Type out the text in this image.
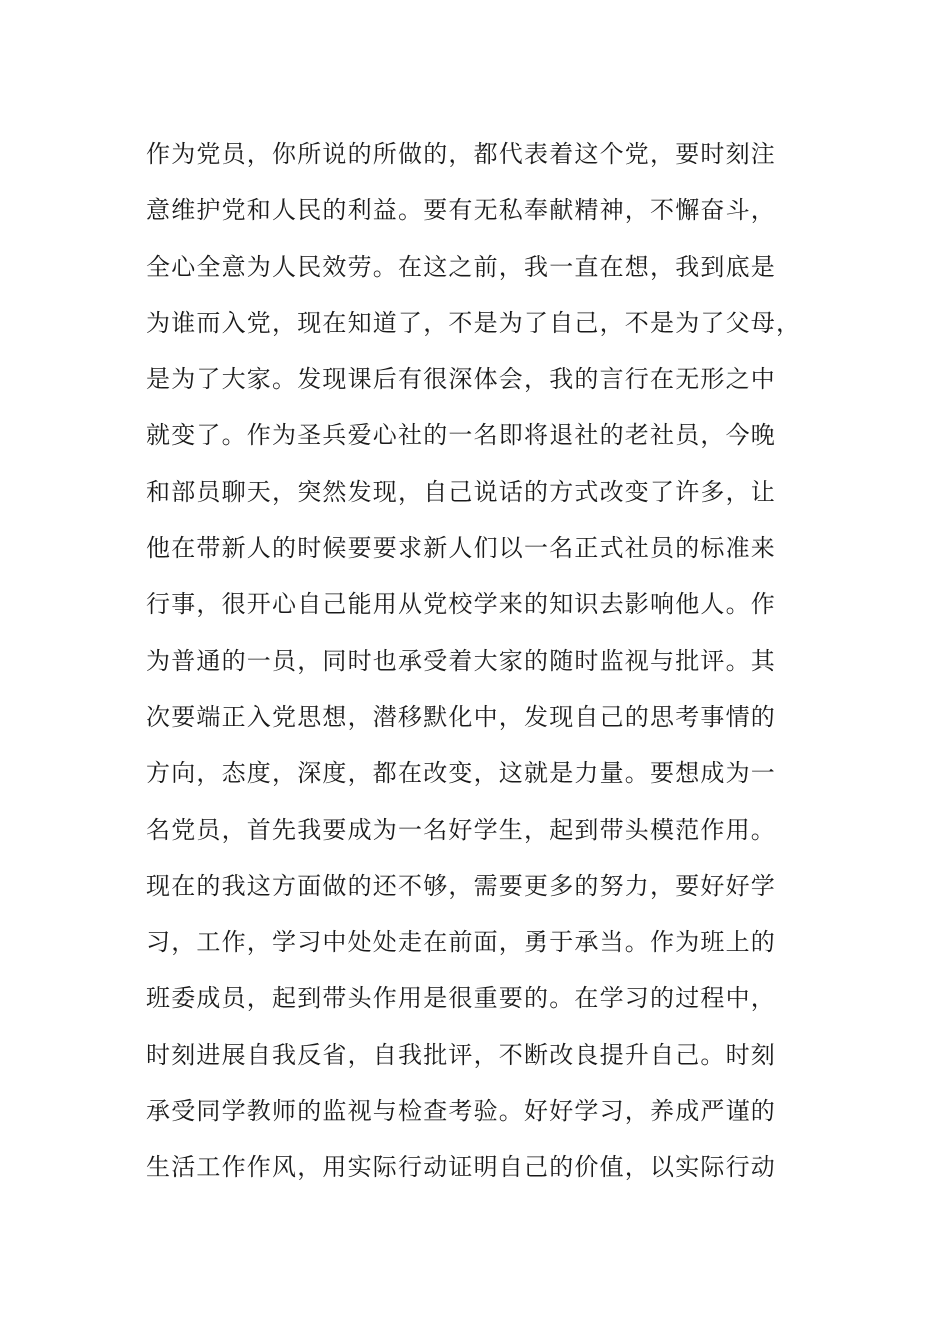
作为党员，你所说的所做的，都代表着这个党，要时刻注
意维护党和人民的利益。要有无私奉献精神，不懈奋斗，
全心全意为人民效劳。在这之前，我一直在想，我到底是
为谁而入党，现在知道了，不是为了自己，不是为了父母，
是为了大家。发现课后有很深体会，我的言行在无形之中
就变了。作为圣兵爱心社的一名即将退社的老社员，今晚
和部员聊天，突然发现，自己说话的方式改变了许多，让
他在带新人的时候要要求新人们以一名正式社员的标准来
行事，很开心自己能用从党校学来的知识去影响他人。作
为普通的一员，同时也承受着大家的随时监视与批评。其
次要端正入党思想，潜移默化中，发现自己的思考事情的
方向，态度，深度，都在改变，这就是力量。要想成为一
名党员，首先我要成为一名好学生，起到带头模范作用。
现在的我这方面做的还不够，需要更多的努力，要好好学
习，工作，学习中处处走在前面，勇于承当。作为班上的
班委成员，起到带头作用是很重要的。在学习的过程中，
时刻进展自我反省，自我批评，不断改良提升自己。时刻
承受同学教师的监视与检查考验。好好学习，养成严谨的
生活工作作风，用实际行动证明自己的价值，以实际行动
